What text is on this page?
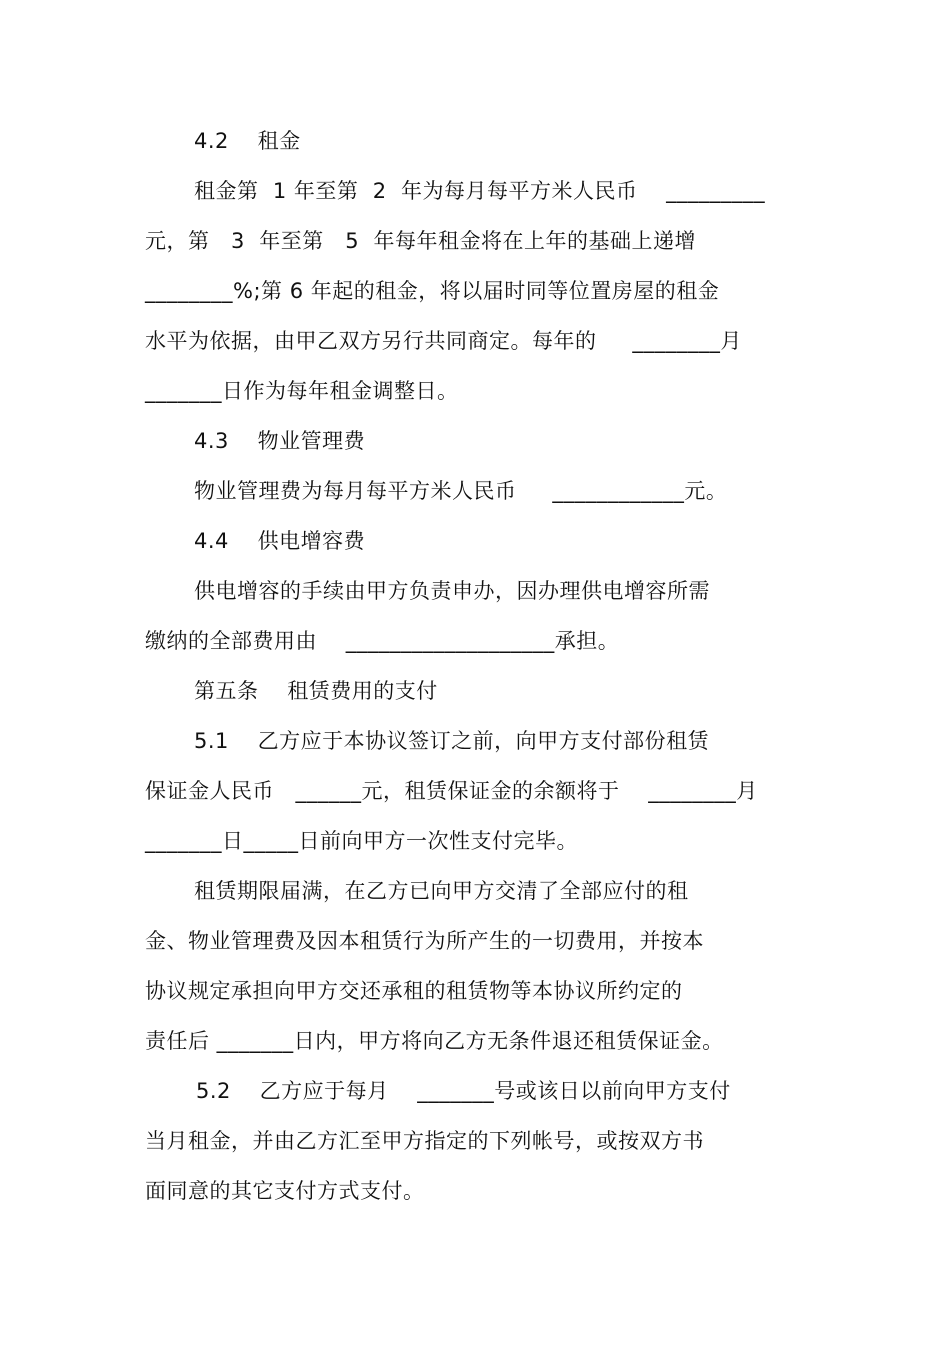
4.2    租金
租金第  1 年至第  2  年为每月每平方米人民币    _________
元，第   3  年至第   5  年每年租金将在上年的基础上递增
________%;第 6 年起的租金，将以届时同等位置房屋的租金
水平为依据，由甲乙双方另行共同商定。每年的     ________月
_______日作为每年租金调整日。
4.3    物业管理费
物业管理费为每月每平方米人民币     ____________元。
4.4    供电增容费
供电增容的手续由甲方负责申办，因办理供电增容所需
缴纳的全部费用由    ___________________承担。
第五条    租赁费用的支付
5.1    乙方应于本协议签订之前，向甲方支付部份租赁
保证金人民币   ______元，租赁保证金的余额将于    ________月
_______日_____日前向甲方一次性支付完毕。
租赁期限届满，在乙方已向甲方交清了全部应付的租
金、物业管理费及因本租赁行为所产生的一切费用，并按本
协议规定承担向甲方交还承租的租赁物等本协议所约定的
责任后 _______日内，甲方将向乙方无条件退还租赁保证金。
5.2    乙方应于每月    _______号或该日以前向甲方支付
当月租金，并由乙方汇至甲方指定的下列帐号，或按双方书
面同意的其它支付方式支付。
